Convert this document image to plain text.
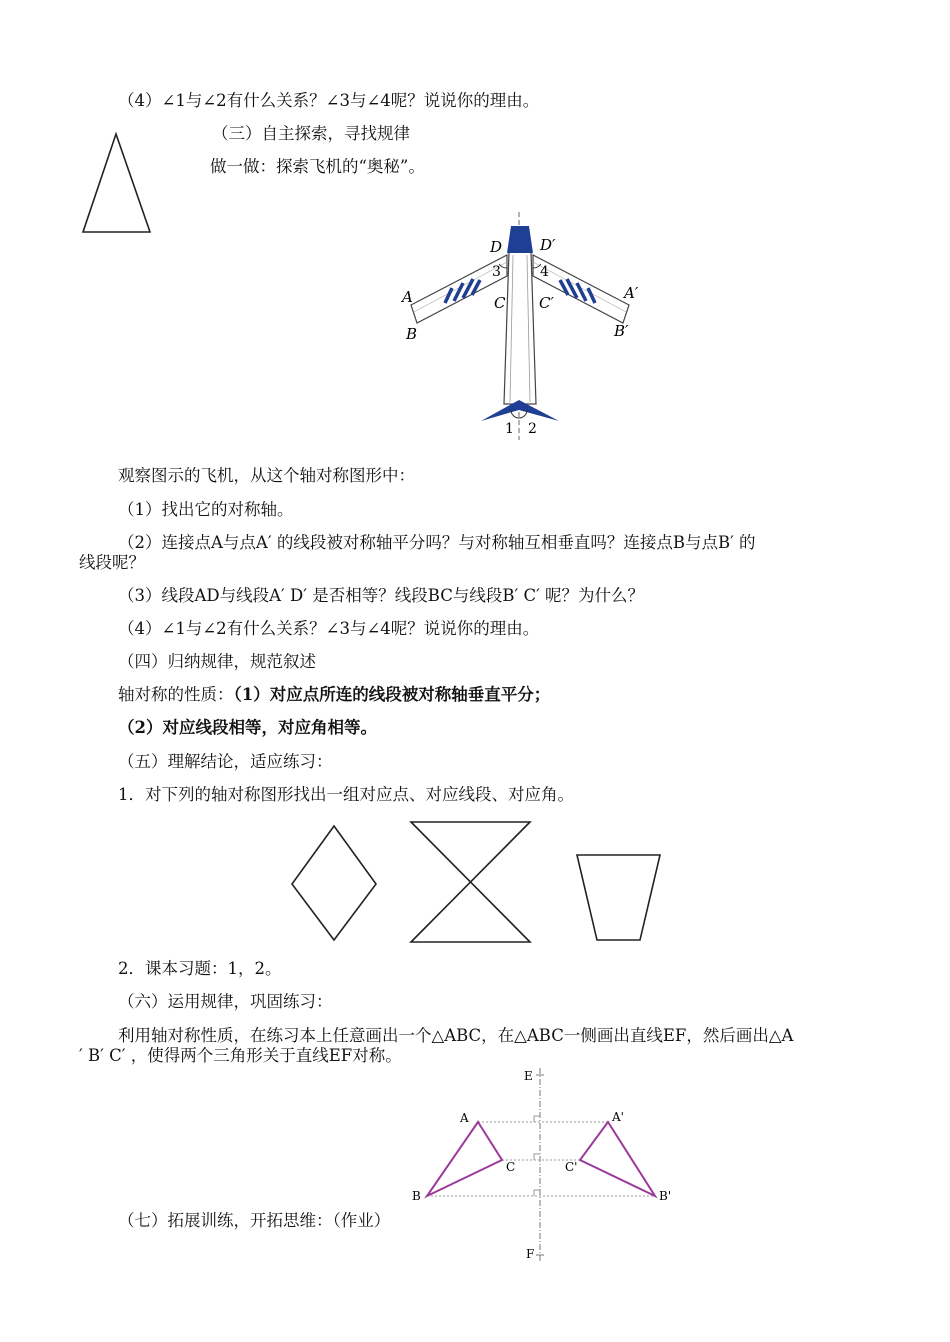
（4）∠1与∠2有什么关系？∠3与∠4呢？说说你的理由。
（三）自主探索，寻找规律
做一做：探索飞机的“奥秘”。
D	D′
3	4
A	A′
C C′
B	B′
1 2
观察图示的飞机，从这个轴对称图形中：
（1）找出它的对称轴。
（2）连接点A与点A′ 的线段被对称轴平分吗？与对称轴互相垂直吗？连接点B与点B′ 的
线段呢？
（3）线段AD与线段A′ D′ 是否相等？线段BC与线段B′ C′ 呢？为什么？
（4）∠1与∠2有什么关系？∠3与∠4呢？说说你的理由。
（四）归纳规律，规范叙述
轴对称的性质：（1）对应点所连的线段被对称轴垂直平分；
（2）对应线段相等，对应角相等。
（五）理解结论，适应练习：
1．对下列的轴对称图形找出一组对应点、对应线段、对应角。
2．课本习题：1，2。
（六）运用规律，巩固练习：
利用轴对称性质，在练习本上任意画出一个△ABC，在△ABC一侧画出直线EF，然后画出△A
′ B′ C′ ，使得两个三角形关于直线EF对称。
E
F
A	A'
C	C'
B	B'
（七）拓展训练，开拓思维：（作业）
